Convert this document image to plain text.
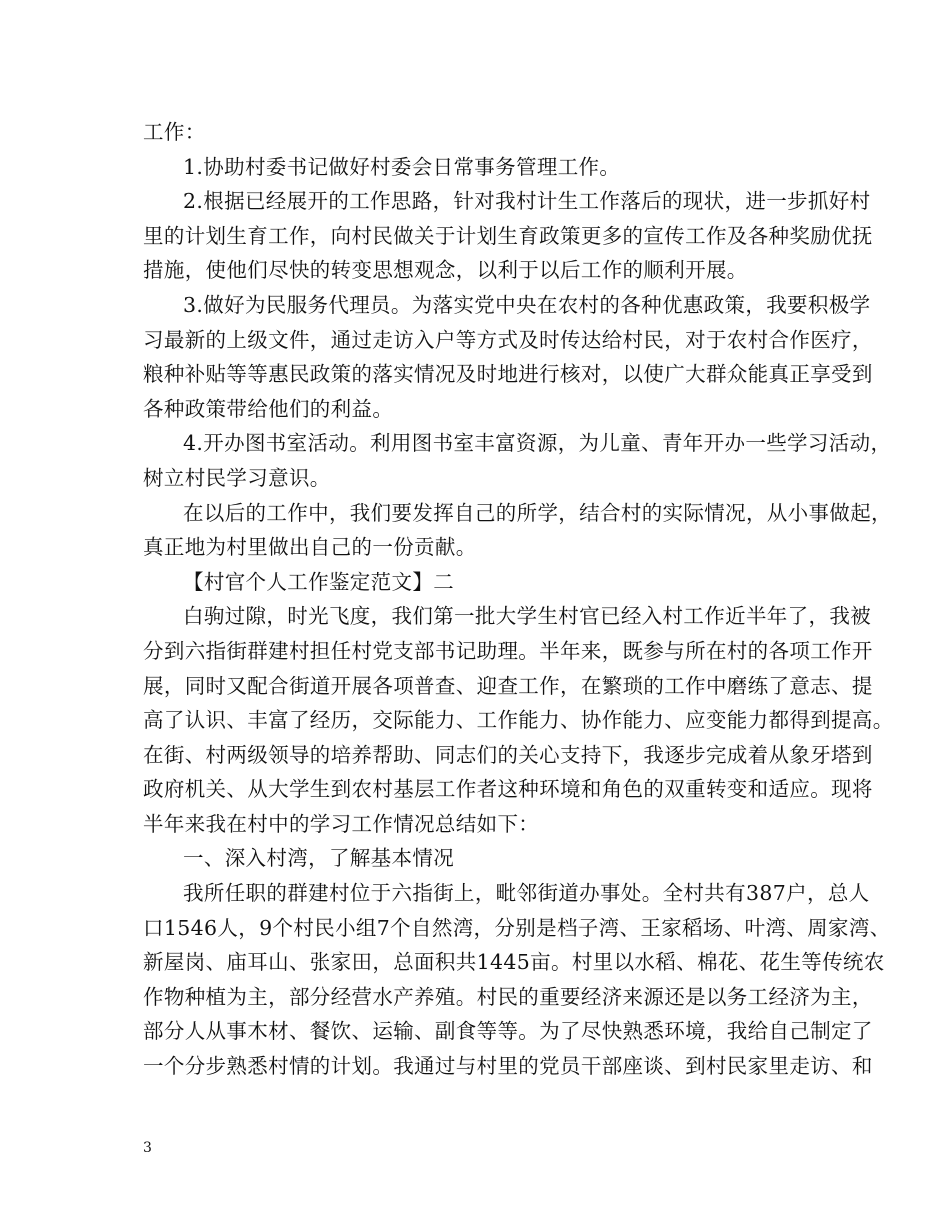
工作：
1.协助村委书记做好村委会日常事务管理工作。
2.根据已经展开的工作思路，针对我村计生工作落后的现状，进一步抓好村
里的计划生育工作，向村民做关于计划生育政策更多的宣传工作及各种奖励优抚
措施，使他们尽快的转变思想观念，以利于以后工作的顺利开展。
3.做好为民服务代理员。为落实党中央在农村的各种优惠政策，我要积极学
习最新的上级文件，通过走访入户等方式及时传达给村民，对于农村合作医疗，
粮种补贴等等惠民政策的落实情况及时地进行核对，以使广大群众能真正享受到
各种政策带给他们的利益。
4.开办图书室活动。利用图书室丰富资源，为儿童、青年开办一些学习活动，
树立村民学习意识。
在以后的工作中，我们要发挥自己的所学，结合村的实际情况，从小事做起，
真正地为村里做出自己的一份贡献。
【村官个人工作鉴定范文】二
白驹过隙，时光飞度，我们第一批大学生村官已经入村工作近半年了，我被
分到六指街群建村担任村党支部书记助理。半年来，既参与所在村的各项工作开
展，同时又配合街道开展各项普查、迎查工作，在繁琐的工作中磨练了意志、提
高了认识、丰富了经历，交际能力、工作能力、协作能力、应变能力都得到提高。
在街、村两级领导的培养帮助、同志们的关心支持下，我逐步完成着从象牙塔到
政府机关、从大学生到农村基层工作者这种环境和角色的双重转变和适应。现将
半年来我在村中的学习工作情况总结如下：
一、深入村湾，了解基本情况
我所任职的群建村位于六指街上，毗邻街道办事处。全村共有387户，总人
口1546人，9个村民小组7个自然湾，分别是档子湾、王家稻场、叶湾、周家湾、
新屋岗、庙耳山、张家田，总面积共1445亩。村里以水稻、棉花、花生等传统农
作物种植为主，部分经营水产养殖。村民的重要经济来源还是以务工经济为主，
部分人从事木材、餐饮、运输、副食等等。为了尽快熟悉环境，我给自己制定了
一个分步熟悉村情的计划。我通过与村里的党员干部座谈、到村民家里走访、和
3
